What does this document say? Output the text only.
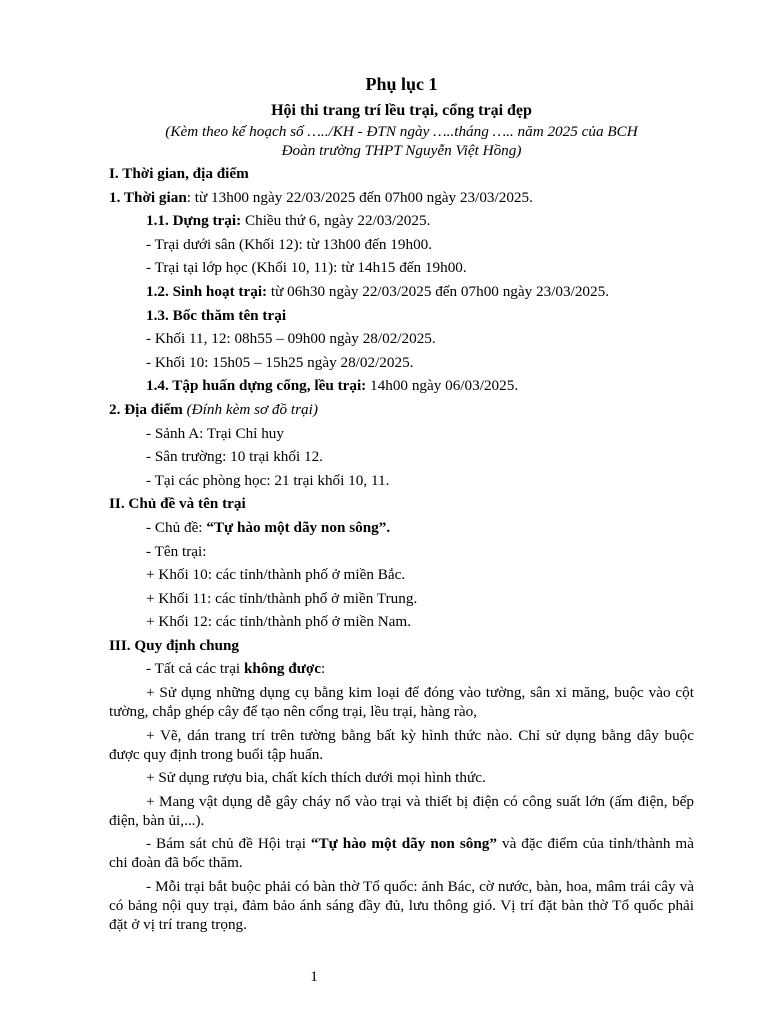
Phụ lục 1

Hội thi trang trí lều trại, cổng trại đẹp

(Kèm theo kế hoạch số …../KH - ĐTN ngày …..tháng ….. năm 2025 của BCH
Đoàn trường THPT Nguyễn Việt Hồng)

I. Thời gian, địa điểm

1. Thời gian: từ 13h00 ngày 22/03/2025 đến 07h00 ngày 23/03/2025.

1.1. Dựng trại: Chiều thứ 6, ngày 22/03/2025.

- Trại dưới sân (Khối 12): từ 13h00 đến 19h00.

- Trại tại lớp học (Khối 10, 11): từ 14h15 đến 19h00.

1.2. Sinh hoạt trại: từ 06h30 ngày 22/03/2025 đến 07h00 ngày 23/03/2025.

1.3. Bốc thăm tên trại

- Khối 11, 12: 08h55 – 09h00 ngày 28/02/2025.

- Khối 10: 15h05 – 15h25 ngày 28/02/2025.

1.4. Tập huấn dựng cổng, lều trại: 14h00 ngày 06/03/2025.

2. Địa điểm (Đính kèm sơ đồ trại)

- Sảnh A: Trại Chỉ huy

- Sân trường: 10 trại khối 12.

- Tại các phòng học: 21 trại khối 10, 11.

II. Chủ đề và tên trại

- Chủ đề: “Tự hào một dãy non sông”.

- Tên trại:

+ Khối 10: các tỉnh/thành phố ở miền Bắc.

+ Khối 11: các tỉnh/thành phố ở miền Trung.

+ Khối 12: các tỉnh/thành phố ở miền Nam.

III. Quy định chung

- Tất cả các trại không được:

+ Sử dụng những dụng cụ bằng kim loại để đóng vào tường, sân xi măng, buộc vào cột tường, chắp ghép cây để tạo nên cổng trại, lều trại, hàng rào,

+ Vẽ, dán trang trí trên tường bằng bất kỳ hình thức nào. Chỉ sử dụng bằng dây buộc được quy định trong buổi tập huấn.

+ Sử dụng rượu bia, chất kích thích dưới mọi hình thức.

+ Mang vật dụng dễ gây cháy nổ vào trại và thiết bị điện có công suất lớn (ấm điện, bếp điện, bàn ủi,...).

- Bám sát chủ đề Hội trại “Tự hào một dãy non sông” và đặc điểm của tỉnh/thành mà chi đoàn đã bốc thăm.

- Mỗi trại bắt buộc phải có bàn thờ Tổ quốc: ảnh Bác, cờ nước, bàn, hoa, mâm trái cây và có bảng nội quy trại, đảm bảo ánh sáng đầy đủ, lưu thông gió. Vị trí đặt bàn thờ Tổ quốc phải đặt ở vị trí trang trọng.

1
